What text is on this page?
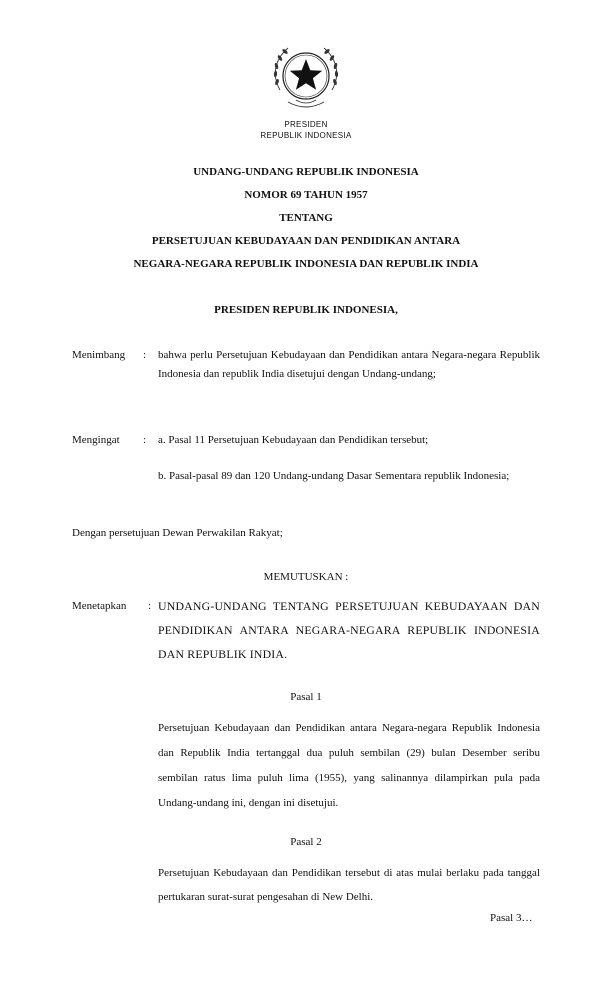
PRESIDEN
REPUBLIK INDONESIA
UNDANG-UNDANG REPUBLIK INDONESIA
NOMOR 69 TAHUN 1957
TENTANG
PERSETUJUAN KEBUDAYAAN DAN PENDIDIKAN ANTARA
NEGARA-NEGARA REPUBLIK INDONESIA DAN REPUBLIK INDIA
PRESIDEN REPUBLIK INDONESIA,
Menimbang : bahwa perlu Persetujuan Kebudayaan dan Pendidikan antara Negara-negara Republik Indonesia dan republik India disetujui dengan Undang-undang;
Mengingat : a. Pasal 11 Persetujuan Kebudayaan dan Pendidikan tersebut;
b. Pasal-pasal 89 dan 120 Undang-undang Dasar Sementara republik Indonesia;
Dengan persetujuan Dewan Perwakilan Rakyat;
MEMUTUSKAN :
Menetapkan : UNDANG-UNDANG TENTANG PERSETUJUAN KEBUDAYAAN DAN PENDIDIKAN ANTARA NEGARA-NEGARA REPUBLIK INDONESIA DAN REPUBLIK INDIA.
Pasal 1
Persetujuan Kebudayaan dan Pendidikan antara Negara-negara Republik Indonesia dan Republik India tertanggal dua puluh sembilan (29) bulan Desember seribu sembilan ratus lima puluh lima (1955), yang salinannya dilampirkan pula pada Undang-undang ini, dengan ini disetujui.
Pasal 2
Persetujuan Kebudayaan dan Pendidikan tersebut di atas mulai berlaku pada tanggal pertukaran surat-surat pengesahan di New Delhi.
Pasal 3…
